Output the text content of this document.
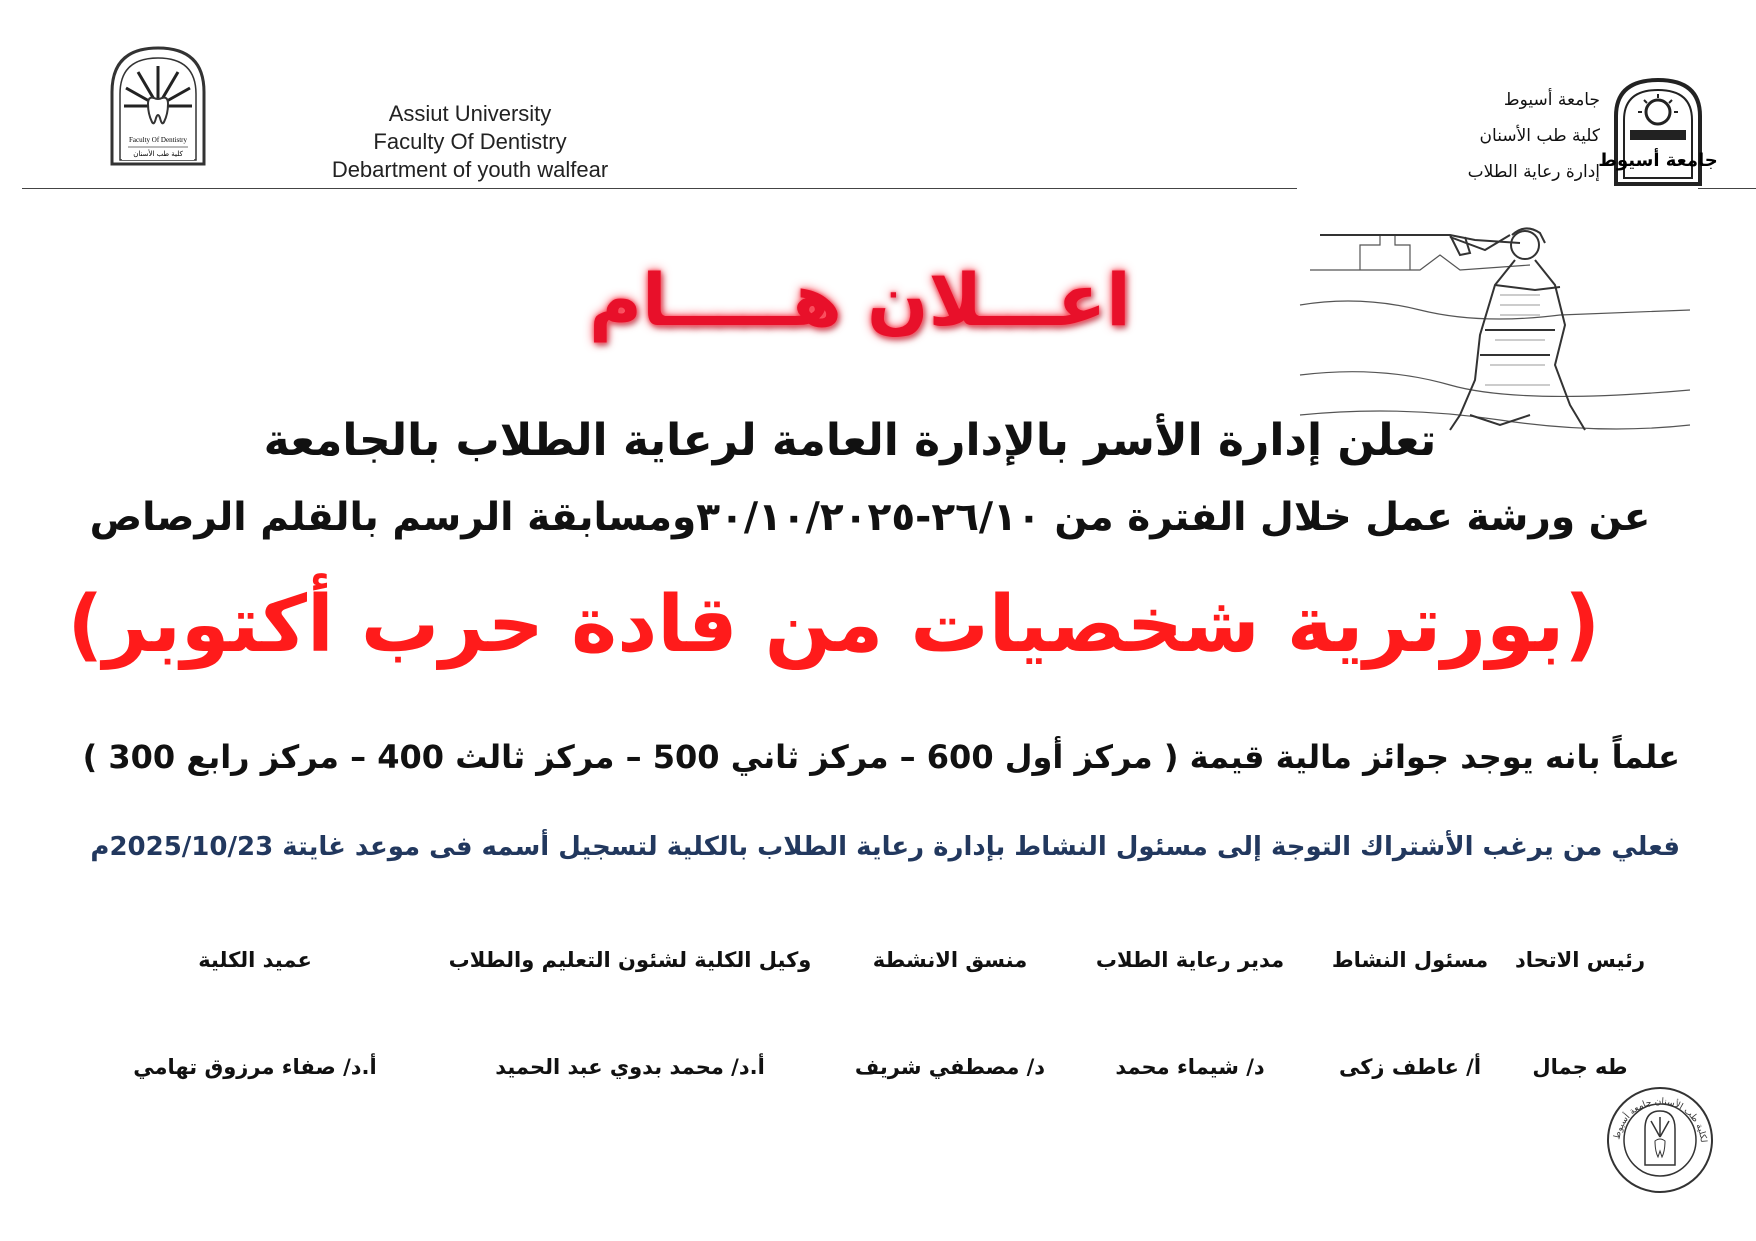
Faculty Of Dentistry
كلية طب الأسنان
Assiut University
Faculty Of Dentistry
Debartment of youth walfear
جامعة أسيوط
كلية طب الأسنان
إدارة رعاية الطلاب
جامعة أسيوط
اعـــلان هـــــام
تعلن إدارة الأسر بالإدارة العامة لرعاية الطلاب بالجامعة
عن ورشة عمل خلال الفترة من ٢٦/١٠-٣٠/١٠/٢٠٢٥ومسابقة الرسم بالقلم الرصاص
(بورترية شخصيات من قادة حرب أكتوبر)
علماً بانه يوجد جوائز مالية قيمة ( مركز أول 600 – مركز ثاني 500 – مركز ثالث 400 – مركز رابع 300 )
فعلي من يرغب الأشتراك التوجة إلى مسئول النشاط بإدارة رعاية الطلاب بالكلية لتسجيل أسمه فى موعد غايتة 2025/10/23م
رئيس الاتحاد
طه جمال
مسئول النشاط
أ/ عاطف زكى
مدير رعاية الطلاب
د/ شيماء محمد
منسق الانشطة
د/ مصطفي شريف
وكيل الكلية لشئون التعليم والطلاب
أ.د/ محمد بدوي عبد الحميد
عميد الكلية
أ.د/ صفاء مرزوق تهامي
لكلية طب الأسنان جامعة أسيوط
